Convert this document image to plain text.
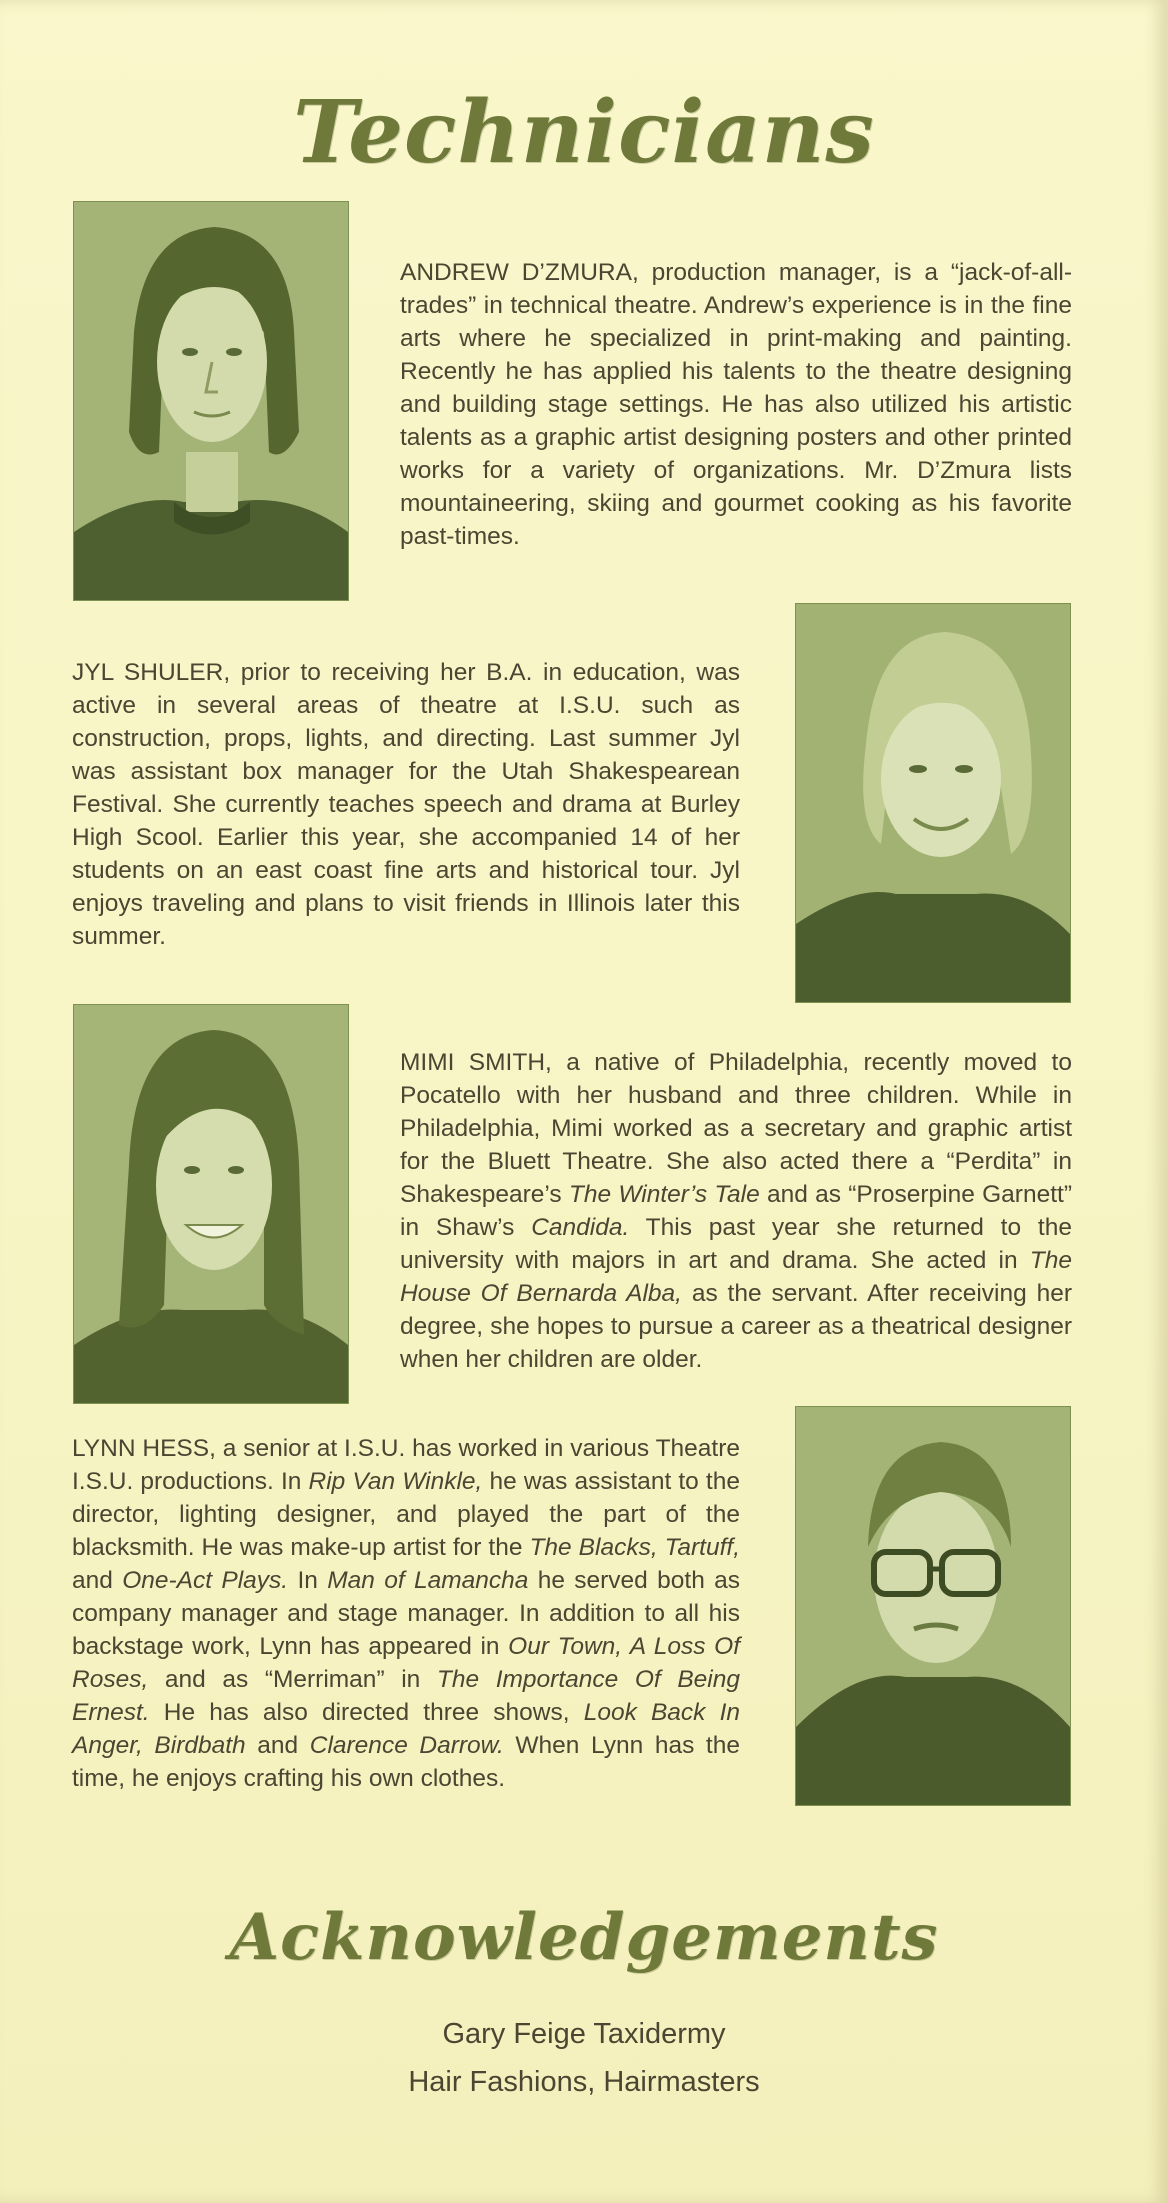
Technicians

ANDREW D’ZMURA, production manager, is a “jack-of-all-trades” in technical theatre. Andrew’s experience is in the fine arts where he specialized in print-making and painting. Recently he has applied his talents to the theatre designing and building stage settings. He has also utilized his artistic talents as a graphic artist designing posters and other printed works for a variety of organizations. Mr. D’Zmura lists mountaineering, skiing and gourmet cooking as his favorite past-times.

JYL SHULER, prior to receiving her B.A. in education, was active in several areas of theatre at I.S.U. such as construction, props, lights, and directing. Last summer Jyl was assistant box manager for the Utah Shakespearean Festival. She currently teaches speech and drama at Burley High Scool. Earlier this year, she accompanied 14 of her students on an east coast fine arts and historical tour. Jyl enjoys traveling and plans to visit friends in Illinois later this summer.

MIMI SMITH, a native of Philadelphia, recently moved to Pocatello with her husband and three children. While in Philadelphia, Mimi worked as a secretary and graphic artist for the Bluett Theatre. She also acted there a “Perdita” in Shakespeare’s The Winter’s Tale and as “Proserpine Garnett” in Shaw’s Candida. This past year she returned to the university with majors in art and drama. She acted in The House Of Bernarda Alba, as the servant. After receiving her degree, she hopes to pursue a career as a theatrical designer when her children are older.

LYNN HESS, a senior at I.S.U. has worked in various Theatre I.S.U. productions. In Rip Van Winkle, he was assistant to the director, lighting designer, and played the part of the blacksmith. He was make-up artist for the The Blacks, Tartuff, and One-Act Plays. In Man of Lamancha he served both as company manager and stage manager. In addition to all his backstage work, Lynn has appeared in Our Town, A Loss Of Roses, and as “Merriman” in The Importance Of Being Ernest. He has also directed three shows, Look Back In Anger, Birdbath and Clarence Darrow. When Lynn has the time, he enjoys crafting his own clothes.

Acknowledgements
Gary Feige Taxidermy
Hair Fashions, Hairmasters
